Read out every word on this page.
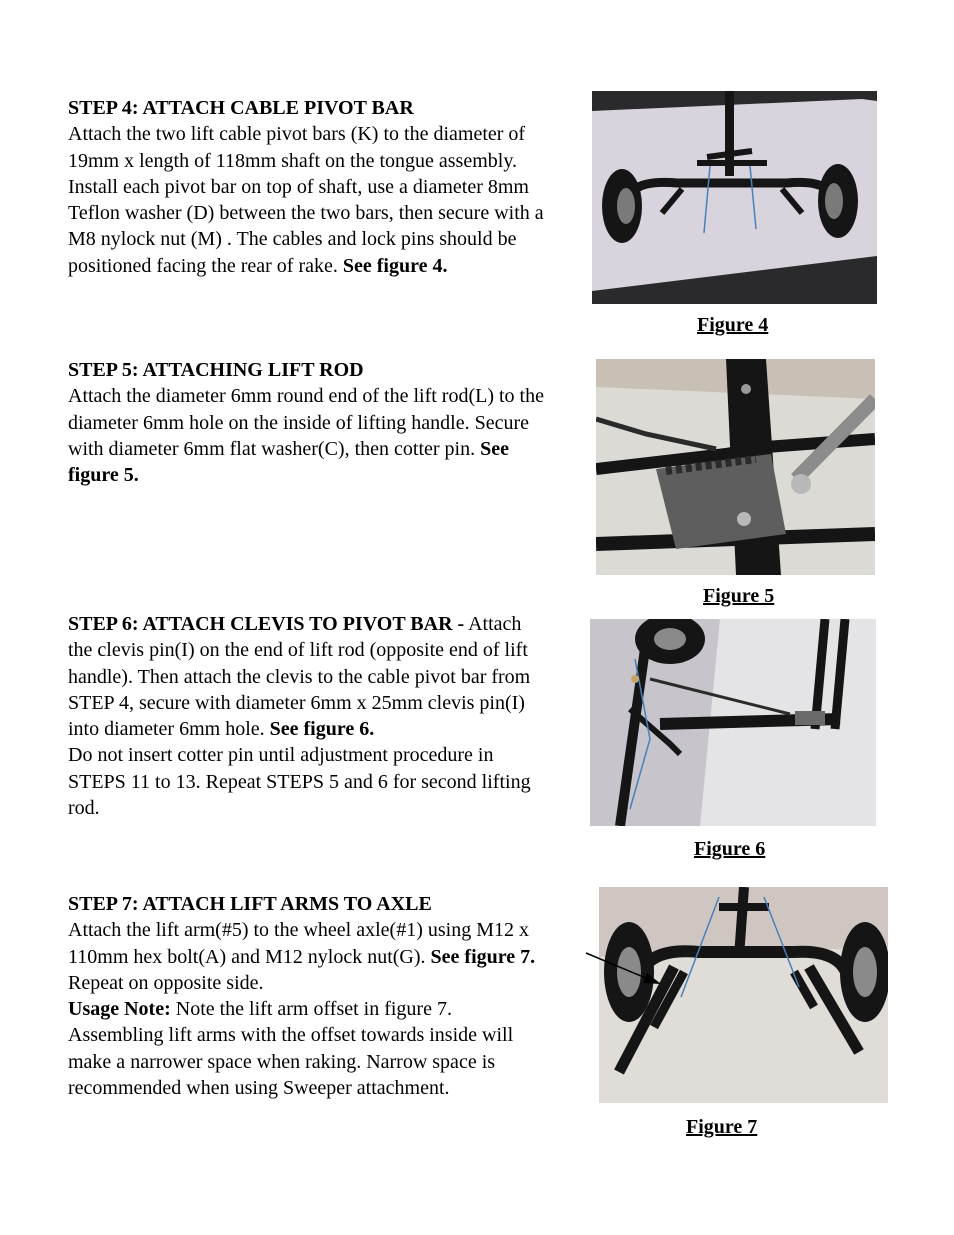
STEP 4: ATTACH CABLE PIVOT BAR

Attach the two lift cable pivot bars (K) to the diameter of

19mm x length of 118mm shaft on the tongue assembly.

Install each pivot bar on top of shaft, use a diameter 8mm

Teflon washer (D) between the two bars, then secure with a

M8 nylock nut (M) . The cables and lock pins should be

positioned facing the rear of rake. See figure 4.

Figure 4

STEP 5: ATTACHING LIFT ROD

Attach the diameter 6mm round end of the lift rod(L) to the

diameter 6mm hole on the inside of lifting handle. Secure

with diameter 6mm flat washer(C), then cotter pin. See

figure 5.

Figure 5

STEP 6: ATTACH CLEVIS TO PIVOT BAR - Attach

the clevis pin(I) on the end of lift rod (opposite end of lift

handle). Then attach the clevis to the cable pivot bar from

STEP 4, secure with diameter 6mm x 25mm clevis pin(I)

into diameter 6mm hole. See figure 6.

Do not insert cotter pin until adjustment procedure in

STEPS 11 to 13. Repeat STEPS 5 and 6 for second lifting

rod.

Figure 6

STEP 7: ATTACH LIFT ARMS TO AXLE

Attach the lift arm(#5) to the wheel axle(#1) using M12 x

110mm hex bolt(A) and M12 nylock nut(G). See figure 7.

Repeat on opposite side.

Usage Note: Note the lift arm offset in figure 7.

Assembling lift arms with the offset towards inside will

make a narrower space when raking. Narrow space is

recommended when using Sweeper attachment.

Figure 7
